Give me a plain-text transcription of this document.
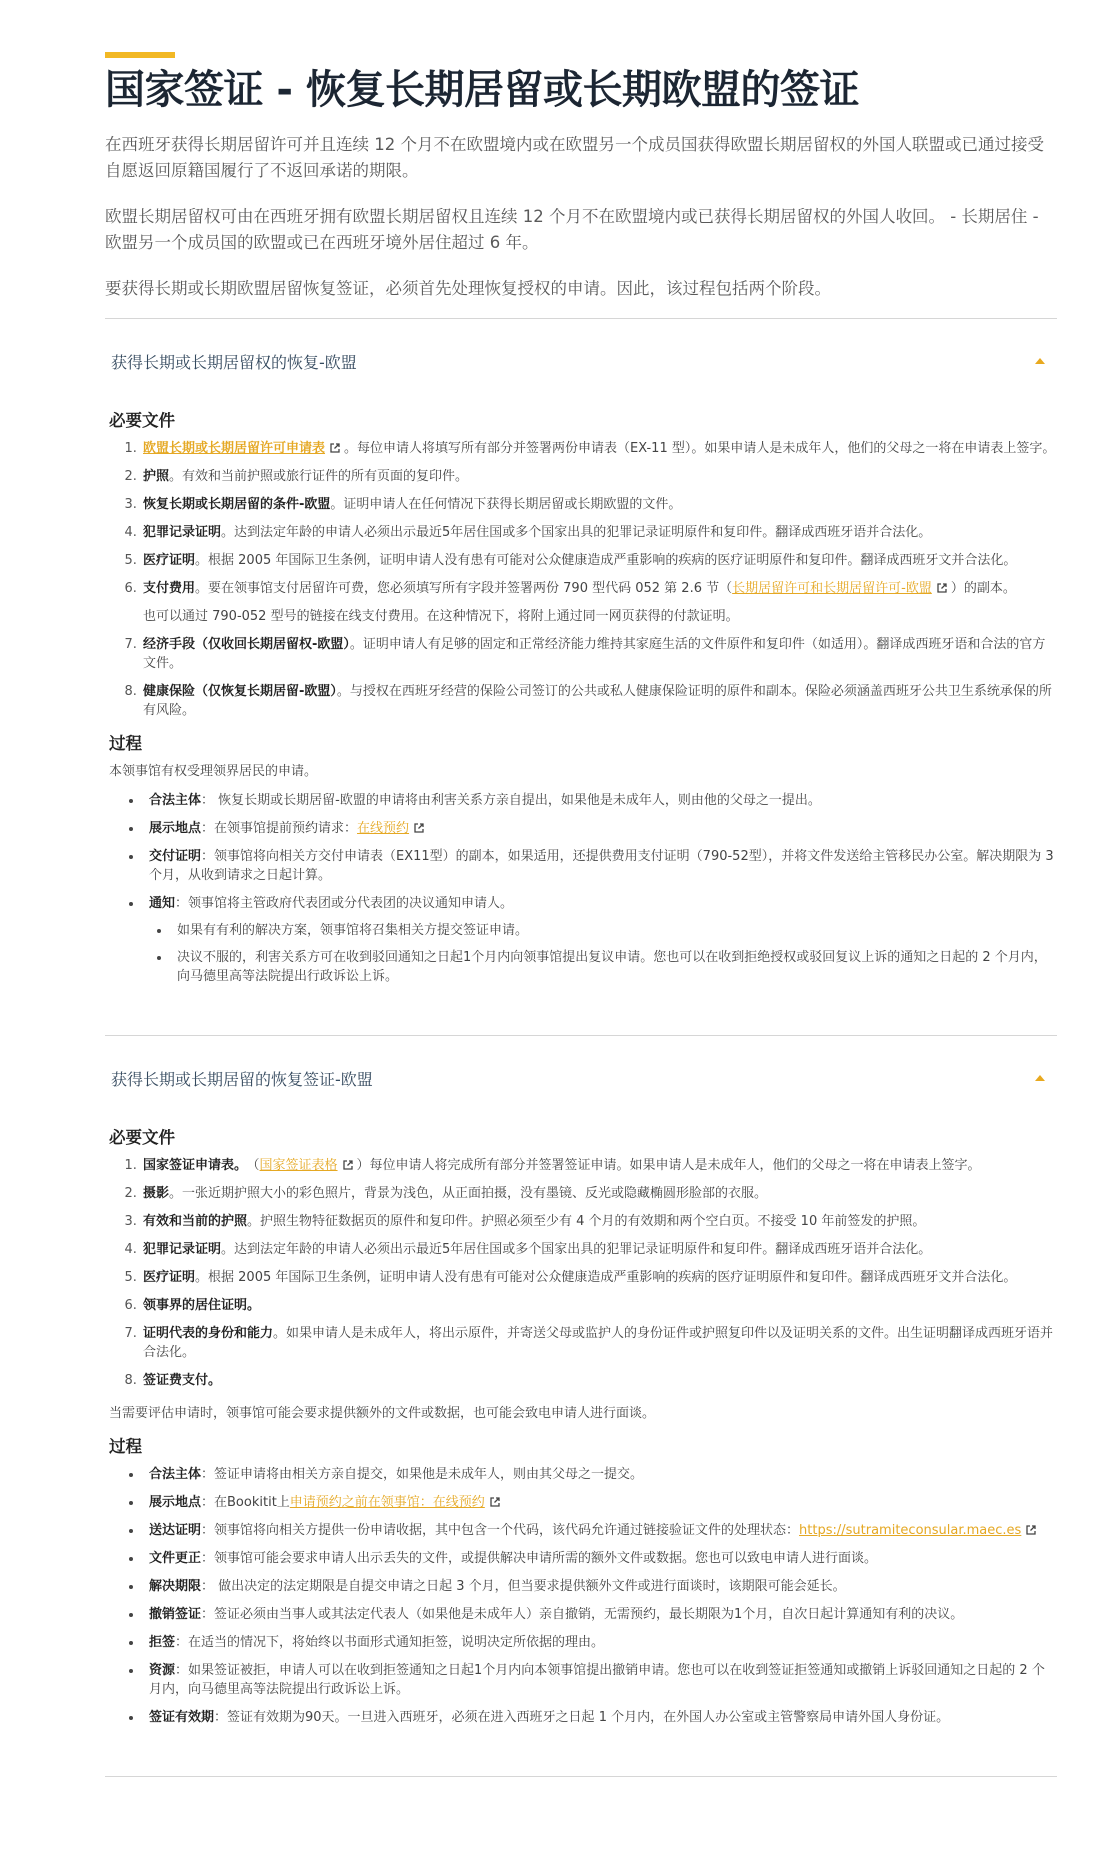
国家签证 - 恢复长期居留或长期欧盟的签证

在西班牙获得长期居留许可并且连续 12 个月不在欧盟境内或在欧盟另一个成员国获得欧盟长期居留权的外国人联盟或已通过接受自愿返回原籍国履行了不返回承诺的期限。

欧盟长期居留权可由在西班牙拥有欧盟长期居留权且连续 12 个月不在欧盟境内或已获得长期居留权的外国人收回。 - 长期居住 - 欧盟另一个成员国的欧盟或已在西班牙境外居住超过 6 年。

要获得长期或长期欧盟居留恢复签证，必须首先处理恢复授权的申请。因此，该过程包括两个阶段。

获得长期或长期居留权的恢复-欧盟
必要文件
1. 欧盟长期或长期居留许可申请表 。每位申请人将填写所有部分并签署两份申请表（EX-11 型）。如果申请人是未成年人，他们的父母之一将在申请表上签字。
2. 护照。有效和当前护照或旅行证件的所有页面的复印件。
3. 恢复长期或长期居留的条件-欧盟。证明申请人在任何情况下获得长期居留或长期欧盟的文件。
4. 犯罪记录证明。达到法定年龄的申请人必须出示最近5年居住国或多个国家出具的犯罪记录证明原件和复印件。翻译成西班牙语并合法化。
5. 医疗证明。根据 2005 年国际卫生条例，证明申请人没有患有可能对公众健康造成严重影响的疾病的医疗证明原件和复印件。翻译成西班牙文并合法化。
6. 支付费用。要在领事馆支付居留许可费，您必须填写所有字段并签署两份 790 型代码 052 第 2.6 节（长期居留许可和长期居留许可-欧盟 ）的副本。
也可以通过 790-052 型号的链接在线支付费用。在这种情况下，将附上通过同一网页获得的付款证明。
7. 经济手段（仅收回长期居留权-欧盟）。证明申请人有足够的固定和正常经济能力维持其家庭生活的文件原件和复印件（如适用）。翻译成西班牙语和合法的官方文件。
8. 健康保险（仅恢复长期居留-欧盟）。与授权在西班牙经营的保险公司签订的公共或私人健康保险证明的原件和副本。保险必须涵盖西班牙公共卫生系统承保的所有风险。
过程

本领事馆有权受理领界居民的申请。

• 合法主体： 恢复长期或长期居留-欧盟的申请将由利害关系方亲自提出，如果他是未成年人，则由他的父母之一提出。
• 展示地点：在领事馆提前预约请求：在线预约
• 交付证明：领事馆将向相关方交付申请表（EX11型）的副本，如果适用，还提供费用支付证明（790-52型），并将文件发送给主管移民办公室。解决期限为 3 个月，从收到请求之日起计算。
• 通知：领事馆将主管政府代表团或分代表团的决议通知申请人。
• 如果有有利的解决方案，领事馆将召集相关方提交签证申请。
• 决议不服的，利害关系方可在收到驳回通知之日起1个月内向领事馆提出复议申请。您也可以在收到拒绝授权或驳回复议上诉的通知之日起的 2 个月内，向马德里高等法院提出行政诉讼上诉。
获得长期或长期居留的恢复签证-欧盟
必要文件
1. 国家签证申请表。 （国家签证表格 ）每位申请人将完成所有部分并签署签证申请。如果申请人是未成年人，他们的父母之一将在申请表上签字。
2. 摄影。一张近期护照大小的彩色照片，背景为浅色，从正面拍摄，没有墨镜、反光或隐藏椭圆形脸部的衣服。
3. 有效和当前的护照。护照生物特征数据页的原件和复印件。护照必须至少有 4 个月的有效期和两个空白页。不接受 10 年前签发的护照。
4. 犯罪记录证明。达到法定年龄的申请人必须出示最近5年居住国或多个国家出具的犯罪记录证明原件和复印件。翻译成西班牙语并合法化。
5. 医疗证明。根据 2005 年国际卫生条例，证明申请人没有患有可能对公众健康造成严重影响的疾病的医疗证明原件和复印件。翻译成西班牙文并合法化。
6. 领事界的居住证明。
7. 证明代表的身份和能力。如果申请人是未成年人，将出示原件，并寄送父母或监护人的身份证件或护照复印件以及证明关系的文件。出生证明翻译成西班牙语并合法化。
8. 签证费支付。

当需要评估申请时，领事馆可能会要求提供额外的文件或数据，也可能会致电申请人进行面谈。

过程
• 合法主体：签证申请将由相关方亲自提交，如果他是未成年人，则由其父母之一提交。
• 展示地点：在Bookitit上申请预约之前在领事馆：在线预约
• 送达证明：领事馆将向相关方提供一份申请收据，其中包含一个代码，该代码允许通过链接验证文件的处理状态：https://sutramiteconsular.maec.es
• 文件更正：领事馆可能会要求申请人出示丢失的文件，或提供解决申请所需的额外文件或数据。您也可以致电申请人进行面谈。
• 解决期限： 做出决定的法定期限是自提交申请之日起 3 个月，但当要求提供额外文件或进行面谈时，该期限可能会延长。
• 撤销签证：签证必须由当事人或其法定代表人（如果他是未成年人）亲自撤销，无需预约，最长期限为1个月，自次日起计算通知有利的决议。
• 拒签：在适当的情况下，将始终以书面形式通知拒签，说明决定所依据的理由。
• 资源：如果签证被拒，申请人可以在收到拒签通知之日起1个月内向本领事馆提出撤销申请。您也可以在收到签证拒签通知或撤销上诉驳回通知之日起的 2 个月内，向马德里高等法院提出行政诉讼上诉。
• 签证有效期：签证有效期为90天。一旦进入西班牙，必须在进入西班牙之日起 1 个月内，在外国人办公室或主管警察局申请外国人身份证。
